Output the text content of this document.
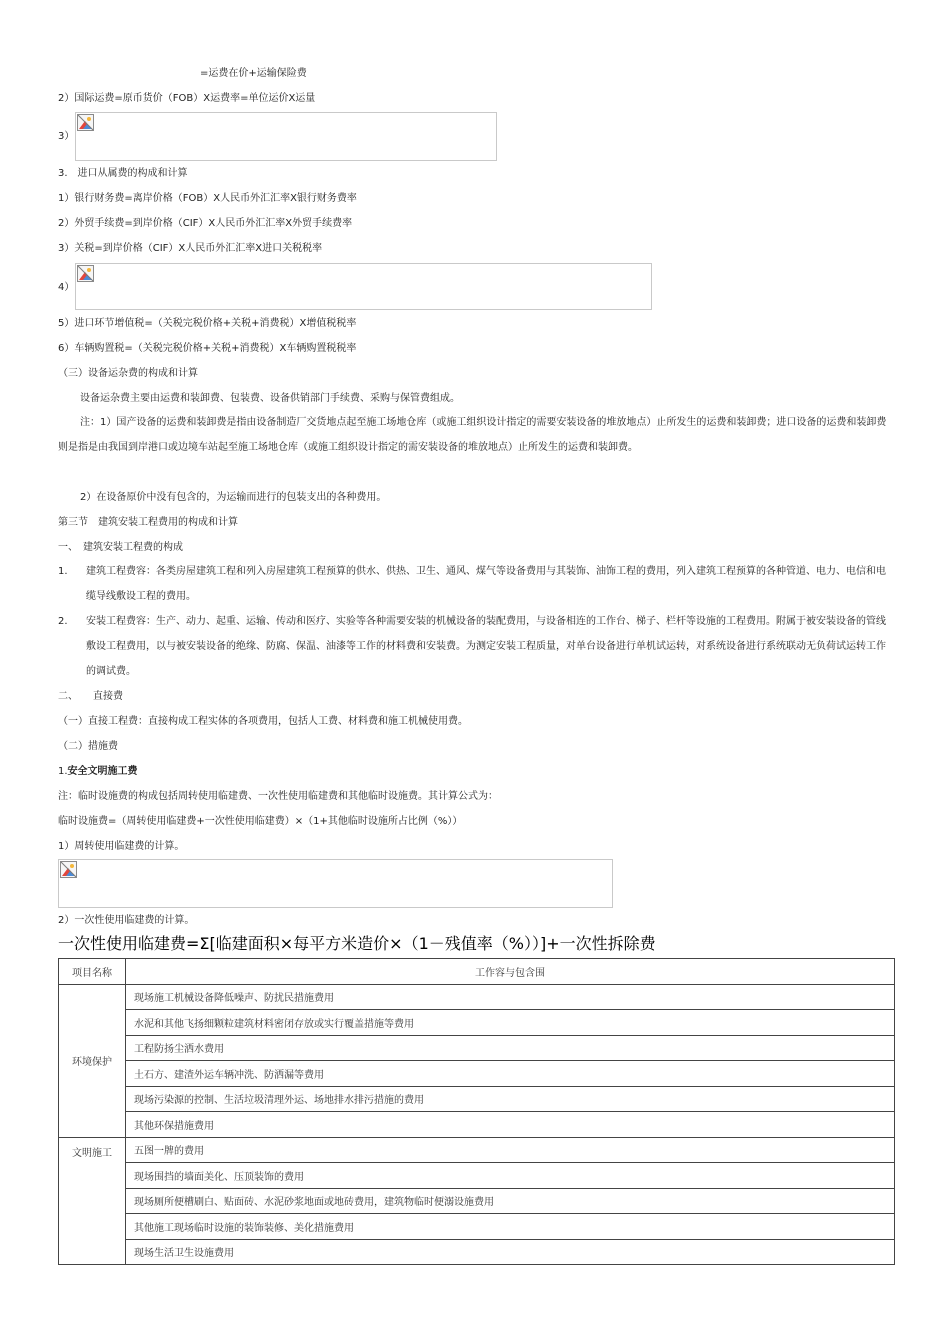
=运费在价+运输保险费
2）国际运费=原币货价（FOB）X运费率=单位运价X运量
3）
3.　进口从属费的构成和计算
1）银行财务费=离岸价格（FOB）X人民币外汇汇率X银行财务费率
2）外贸手续费=到岸价格（CIF）X人民币外汇汇率X外贸手续费率
3）关税=到岸价格（CIF）X人民币外汇汇率X进口关税税率
4）
5）进口环节增值税=（关税完税价格+关税+消费税）X增值税税率
6）车辆购置税=（关税完税价格+关税+消费税）X车辆购置税税率
（三）设备运杂费的构成和计算
设备运杂费主要由运费和装卸费、包装费、设备供销部门手续费、采购与保管费组成。
注：1）国产设备的运费和装卸费是指由设备制造厂交货地点起至施工场地仓库（或施工组织设计指定的需要安装设备的堆放地点）止所发生的运费和装卸费；进口设备的运费和装卸费则是指是由我国到岸港口或边境车站起至施工场地仓库（或施工组织设计指定的需安装设备的堆放地点）止所发生的运费和装卸费。
2）在设备原价中没有包含的，为运输而进行的包装支出的各种费用。
第三节　建筑安装工程费用的构成和计算
一、　建筑安装工程费的构成
1. 建筑工程费容：各类房屋建筑工程和列入房屋建筑工程预算的供水、供热、卫生、通风、煤气等设备费用与其装饰、油饰工程的费用，列入建筑工程预算的各种管道、电力、电信和电缆导线敷设工程的费用。
2. 安装工程费容：生产、动力、起重、运输、传动和医疗、实验等各种需要安装的机械设备的装配费用，与设备相连的工作台、梯子、栏杆等设施的工程费用。附属于被安装设备的管线敷设工程费用，以与被安装设备的绝缘、防腐、保温、油漆等工作的材料费和安装费。为测定安装工程质量，对单台设备进行单机试运转，对系统设备进行系统联动无负荷试运转工作的调试费。
二、　　直接费
（一）直接工程费：直接构成工程实体的各项费用，包括人工费、材料费和施工机械使用费。
（二）措施费
1.安全文明施工费
注：临时设施费的构成包括周转使用临建费、一次性使用临建费和其他临时设施费。其计算公式为：
临时设施费=（周转使用临建费+一次性使用临建费）×（1+其他临时设施所占比例（%））
1）周转使用临建费的计算。
2）一次性使用临建费的计算。
一次性使用临建费=Σ[临建面积×每平方米造价×（1－残值率（%））]+一次性拆除费
项目名称	工作容与包含围
环境保护	现场施工机械设备降低噪声、防扰民措施费用
	水泥和其他飞扬细颗粒建筑材料密闭存放或实行覆盖措施等费用
	工程防扬尘洒水费用
	土石方、建渣外运车辆冲洗、防洒漏等费用
	现场污染源的控制、生活垃圾清理外运、场地排水排污措施的费用
	其他环保措施费用
文明施工	五图一牌的费用
	现场围挡的墙面美化、压顶装饰的费用
	现场厕所便槽刷白、贴面砖、水泥砂浆地面或地砖费用，建筑物临时便溺设施费用
	其他施工现场临时设施的装饰装修、美化措施费用
	现场生活卫生设施费用
